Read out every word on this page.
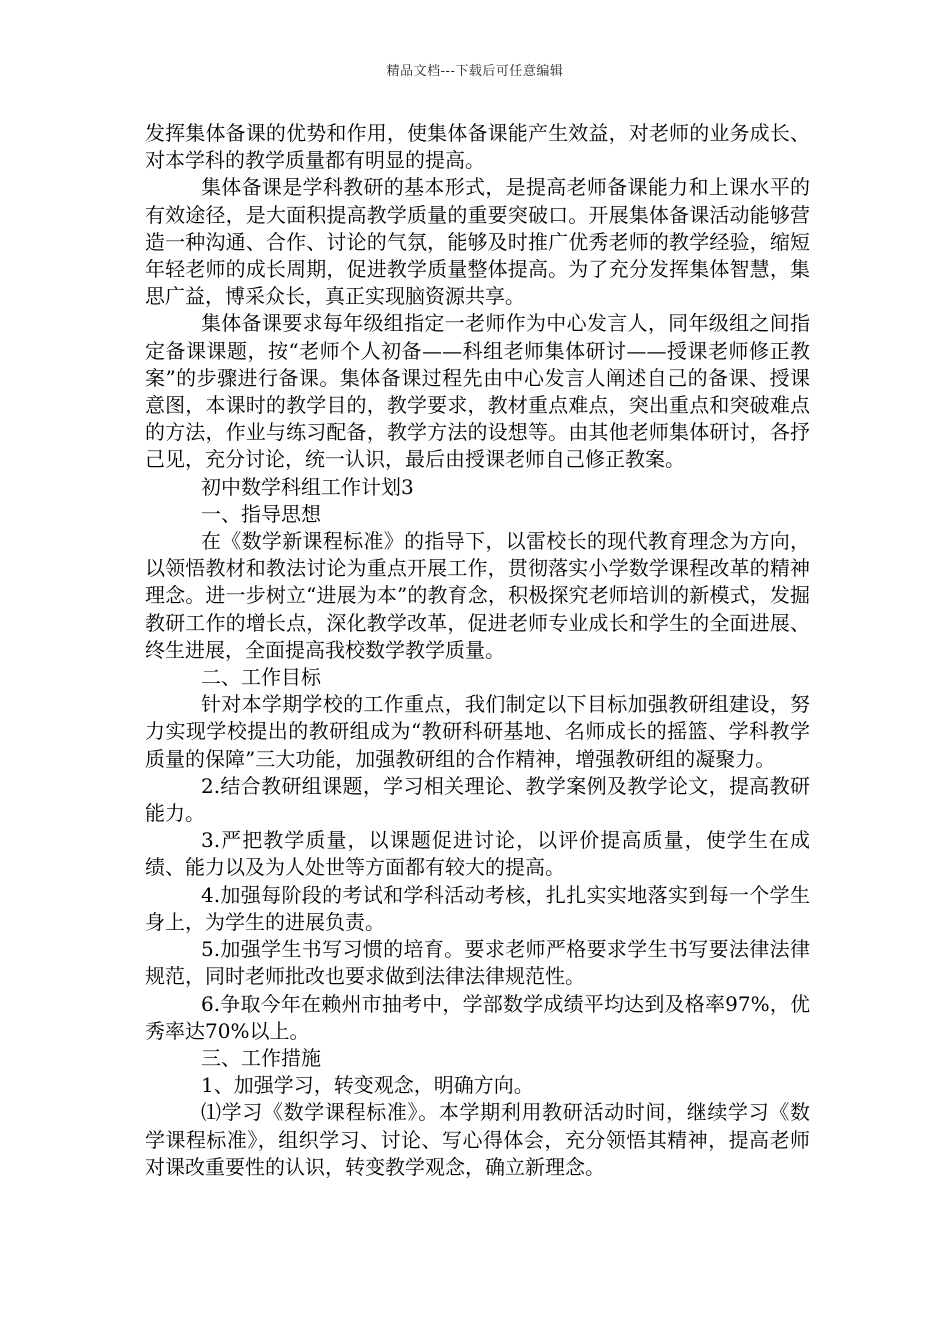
精品文档---下载后可任意编辑

发挥集体备课的优势和作用，使集体备课能产生效益，对老师的业务成长、对本学科的教学质量都有明显的提高。

集体备课是学科教研的基本形式，是提高老师备课能力和上课水平的有效途径，是大面积提高教学质量的重要突破口。开展集体备课活动能够营造一种沟通、合作、讨论的气氛，能够及时推广优秀老师的教学经验，缩短年轻老师的成长周期，促进教学质量整体提高。为了充分发挥集体智慧，集思广益，博采众长，真正实现脑资源共享。

集体备课要求每年级组指定一老师作为中心发言人，同年级组之间指定备课课题，按“老师个人初备——科组老师集体研讨——授课老师修正教案”的步骤进行备课。集体备课过程先由中心发言人阐述自己的备课、授课意图，本课时的教学目的，教学要求，教材重点难点，突出重点和突破难点的方法，作业与练习配备，教学方法的设想等。由其他老师集体研讨，各抒己见，充分讨论，统一认识，最后由授课老师自己修正教案。

初中数学科组工作计划3

一、指导思想

在《数学新课程标准》的指导下，以雷校长的现代教育理念为方向，以领悟教材和教法讨论为重点开展工作，贯彻落实小学数学课程改革的精神理念。进一步树立“进展为本”的教育念，积极探究老师培训的新模式，发掘教研工作的增长点，深化教学改革，促进老师专业成长和学生的全面进展、终生进展，全面提高我校数学教学质量。

二、工作目标

针对本学期学校的工作重点，我们制定以下目标加强教研组建设，努力实现学校提出的教研组成为“教研科研基地、名师成长的摇篮、学科教学质量的保障”三大功能，加强教研组的合作精神，增强教研组的凝聚力。

2.结合教研组课题，学习相关理论、教学案例及教学论文，提高教研能力。

3.严把教学质量，以课题促进讨论，以评价提高质量，使学生在成绩、能力以及为人处世等方面都有较大的提高。

4.加强每阶段的考试和学科活动考核，扎扎实实地落实到每一个学生身上，为学生的进展负责。

5.加强学生书写习惯的培育。要求老师严格要求学生书写要法律法律规范，同时老师批改也要求做到法律法律规范性。

6.争取今年在赖州市抽考中，学部数学成绩平均达到及格率97%，优秀率达70%以上。

三、工作措施

1、加强学习，转变观念，明确方向。

⑴学习《数学课程标准》。本学期利用教研活动时间，继续学习《数学课程标准》，组织学习、讨论、写心得体会，充分领悟其精神，提高老师对课改重要性的认识，转变教学观念，确立新理念。
